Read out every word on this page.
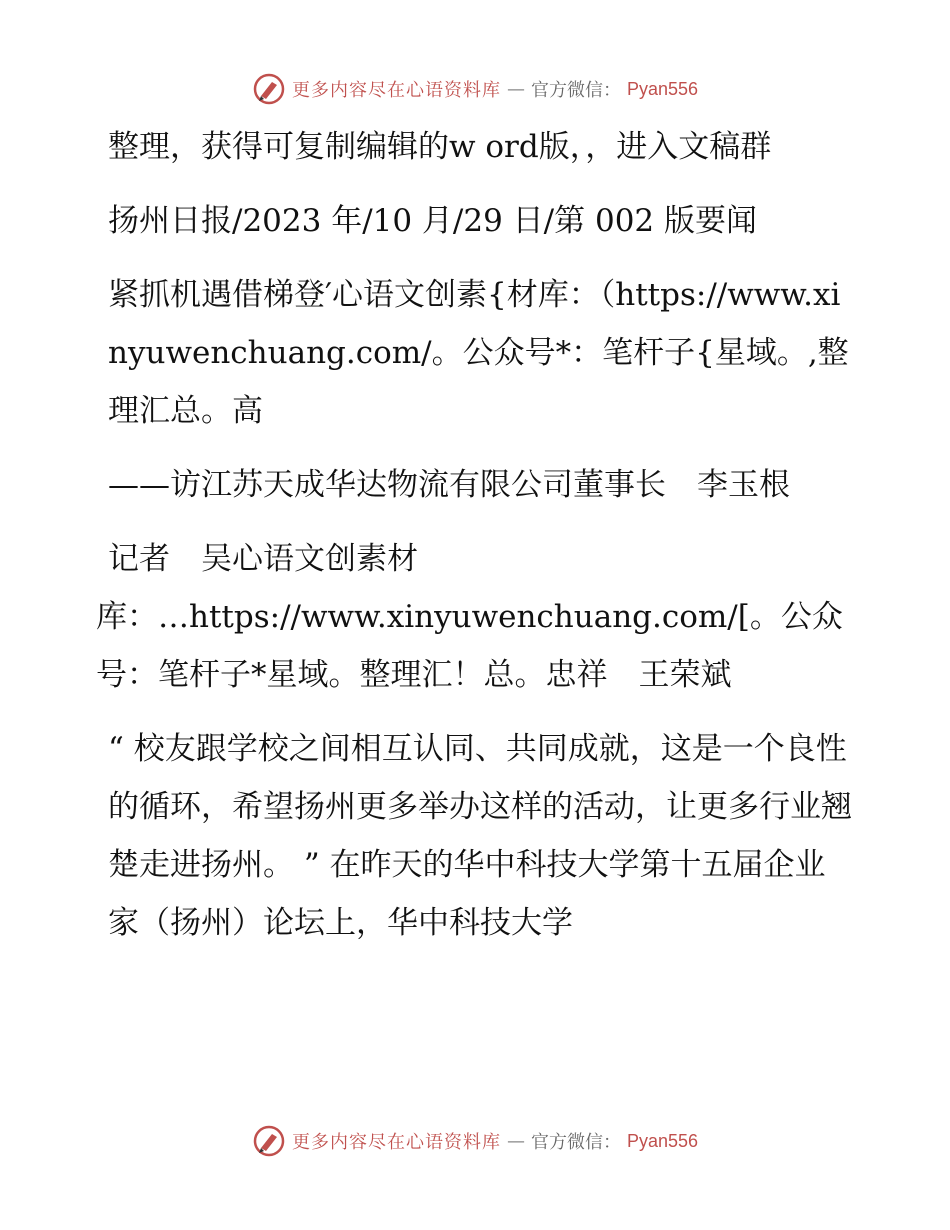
更多内容尽在心语资料库 — 官方微信： Pyan556

整理，获得可复制编辑的w ord版，，进入文稿群

扬州日报/2023 年/10 月/29 日/第 002 版要闻

紧抓机遇借梯登′心语文创素{材库：（https://www.xinyuwenchuang.com/。公众号*：笔杆子{星域。,整理汇总。高

——访江苏天成华达物流有限公司董事长　李玉根

记者　吴心语文创素材

库：…https://www.xinyuwenchuang.com/[。公众号：笔杆子*星域。整理汇！总。忠祥　王荣斌

“ 校友跟学校之间相互认同、共同成就，这是一个良性的循环，希望扬州更多举办这样的活动，让更多行业翘楚走进扬州。 ” 在昨天的华中科技大学第十五届企业家（扬州）论坛上，华中科技大学

更多内容尽在心语资料库 — 官方微信： Pyan556
